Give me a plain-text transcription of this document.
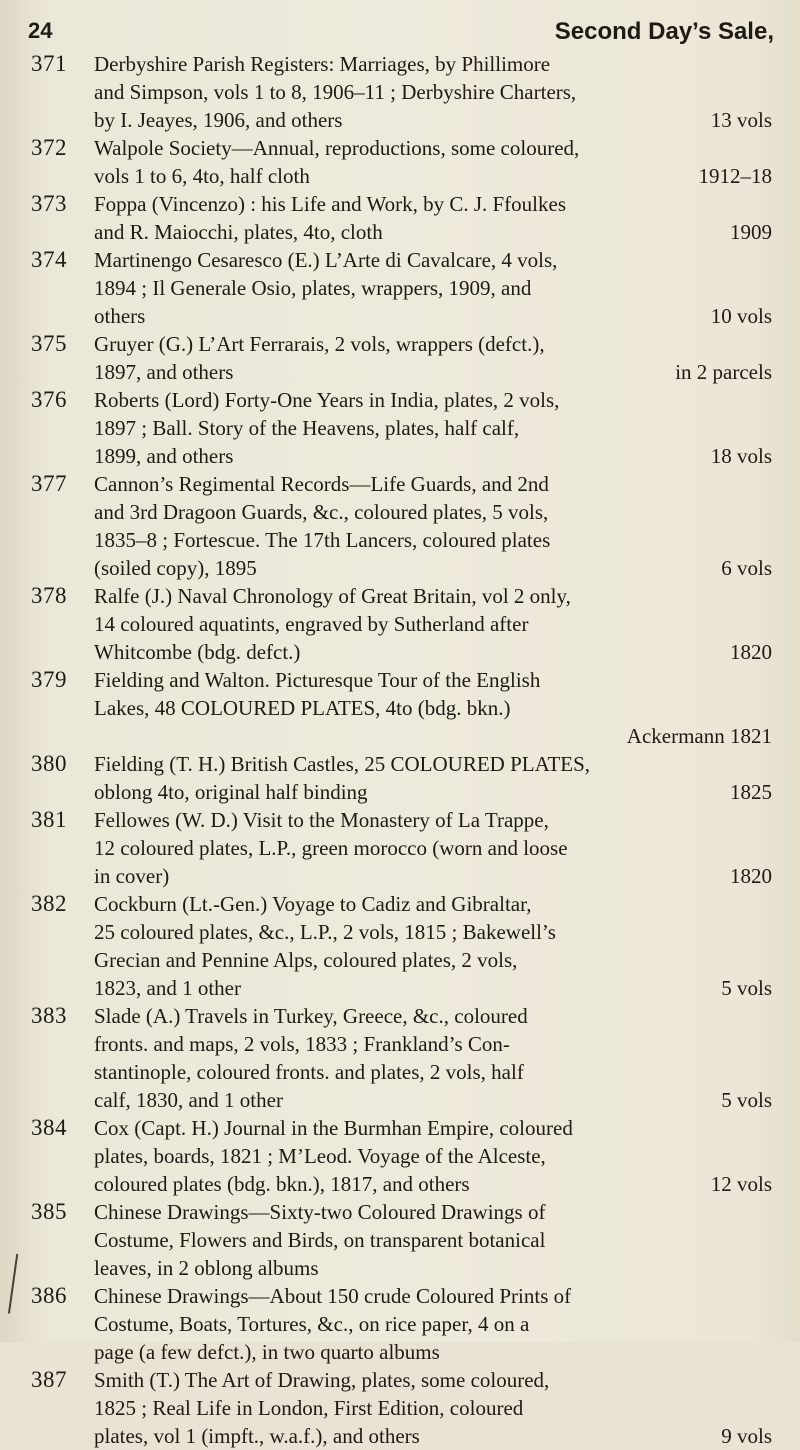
24	Second Day’s Sale,
371 Derbyshire Parish Registers: Marriages, by Phillimore
and Simpson, vols 1 to 8, 1906–11 ; Derbyshire Charters,
by I. Jeayes, 1906, and others	13 vols
372 Walpole Society—Annual, reproductions, some coloured,
vols 1 to 6, 4to, half cloth	1912–18
373 Foppa (Vincenzo) : his Life and Work, by C. J. Ffoulkes
and R. Maiocchi, plates, 4to, cloth	1909
374 Martinengo Cesaresco (E.) L’Arte di Cavalcare, 4 vols,
1894 ; Il Generale Osio, plates, wrappers, 1909, and
others	10 vols
375 Gruyer (G.) L’Art Ferrarais, 2 vols, wrappers (defct.),
1897, and others	in 2 parcels
376 Roberts (Lord) Forty-One Years in India, plates, 2 vols,
1897 ; Ball. Story of the Heavens, plates, half calf,
1899, and others	18 vols
377 Cannon’s Regimental Records—Life Guards, and 2nd
and 3rd Dragoon Guards, &c., coloured plates, 5 vols,
1835–8 ; Fortescue. The 17th Lancers, coloured plates
(soiled copy), 1895	6 vols
378 Ralfe (J.) Naval Chronology of Great Britain, vol 2 only,
14 coloured aquatints, engraved by Sutherland after
Whitcombe (bdg. defct.)	1820
379 Fielding and Walton. Picturesque Tour of the English
Lakes, 48 COLOURED PLATES, 4to (bdg. bkn.)
Ackermann 1821
380 Fielding (T. H.) British Castles, 25 COLOURED PLATES,
oblong 4to, original half binding	1825
381 Fellowes (W. D.) Visit to the Monastery of La Trappe,
12 coloured plates, L.P., green morocco (worn and loose
in cover)	1820
382 Cockburn (Lt.-Gen.) Voyage to Cadiz and Gibraltar,
25 coloured plates, &c., L.P., 2 vols, 1815 ; Bakewell’s
Grecian and Pennine Alps, coloured plates, 2 vols,
1823, and 1 other	5 vols
383 Slade (A.) Travels in Turkey, Greece, &c., coloured
fronts. and maps, 2 vols, 1833 ; Frankland’s Con-
stantinople, coloured fronts. and plates, 2 vols, half
calf, 1830, and 1 other	5 vols
384 Cox (Capt. H.) Journal in the Burmhan Empire, coloured
plates, boards, 1821 ; M’Leod. Voyage of the Alceste,
coloured plates (bdg. bkn.), 1817, and others	12 vols
385 Chinese Drawings—Sixty-two Coloured Drawings of
Costume, Flowers and Birds, on transparent botanical
leaves, in 2 oblong albums
386 Chinese Drawings—About 150 crude Coloured Prints of
Costume, Boats, Tortures, &c., on rice paper, 4 on a
page (a few defct.), in two quarto albums
387 Smith (T.) The Art of Drawing, plates, some coloured,
1825 ; Real Life in London, First Edition, coloured
plates, vol 1 (impft., w.a.f.), and others	9 vols
